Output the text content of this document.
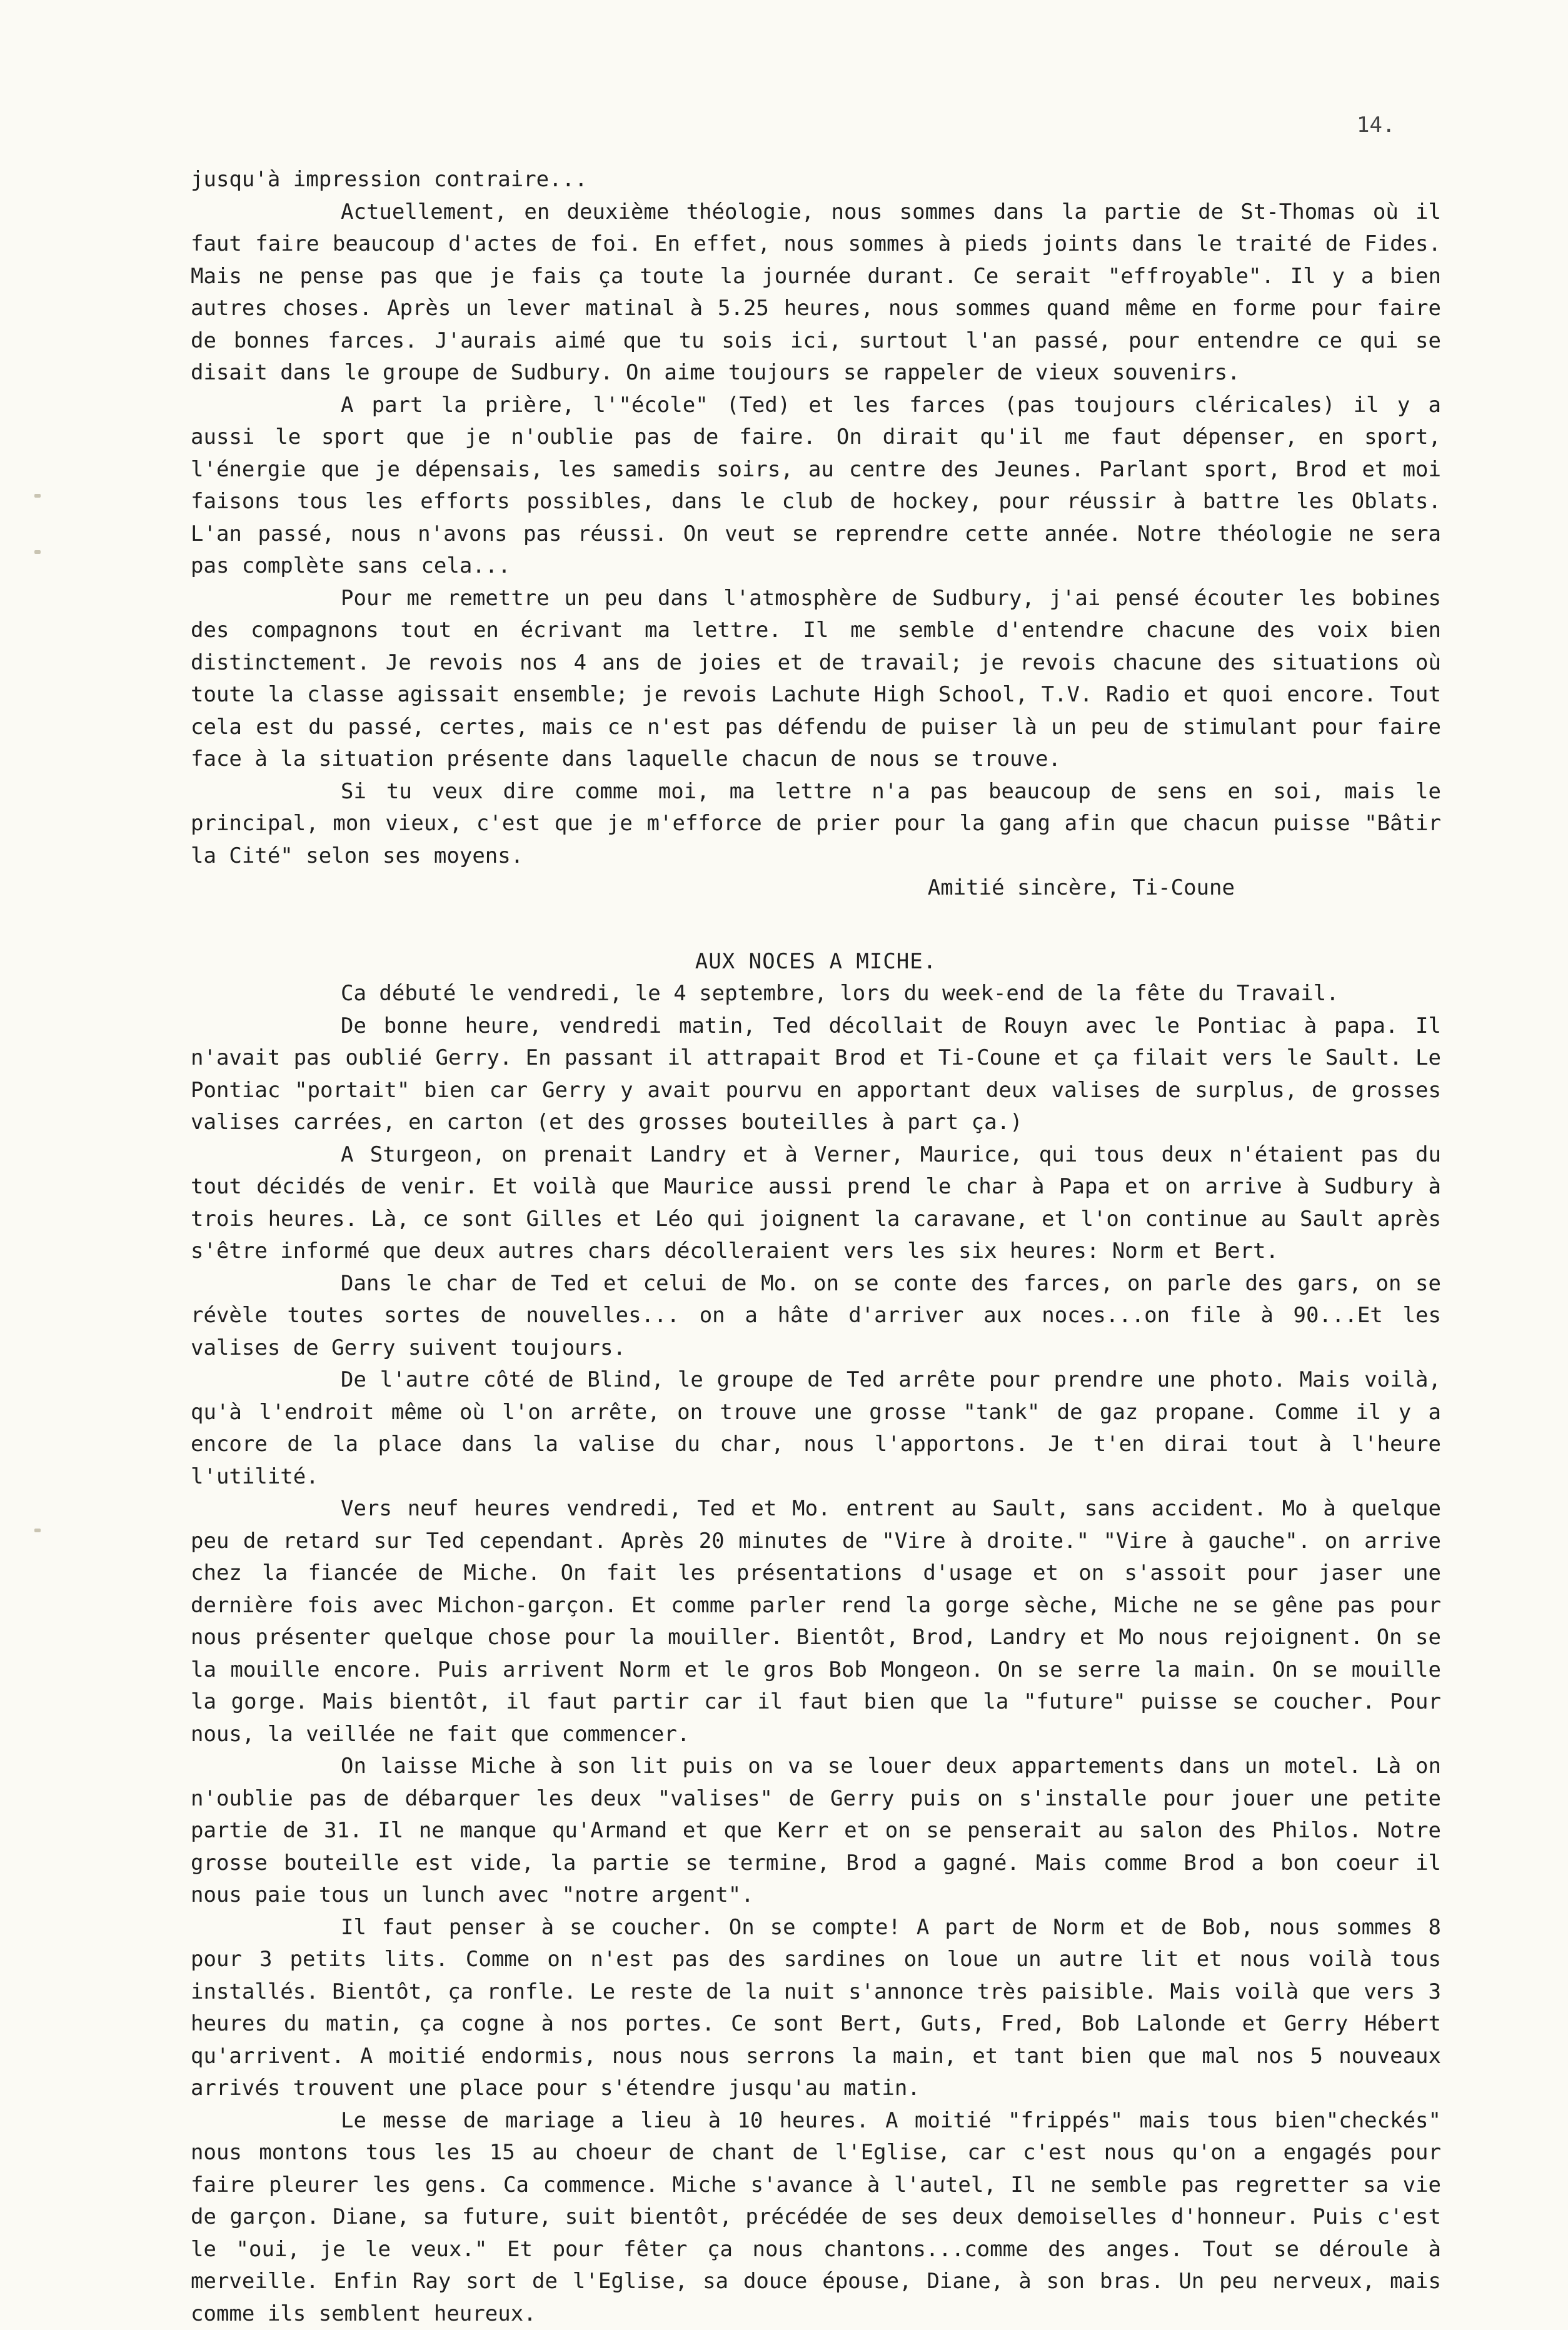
14.

jusqu'à impression contraire...

Actuellement, en deuxième théologie, nous sommes dans la partie de St-Thomas où il faut faire beaucoup d'actes de foi. En effet, nous sommes à pieds joints dans le traité de Fides. Mais ne pense pas que je fais ça toute la journée durant. Ce serait "effroyable". Il y a bien autres choses. Après un lever matinal à 5.25 heures, nous sommes quand même en forme pour faire de bonnes farces. J'aurais aimé que tu sois ici, surtout l'an passé, pour entendre ce qui se disait dans le groupe de Sudbury. On aime toujours se rappeler de vieux souvenirs.

A part la prière, l'"école" (Ted) et les farces (pas toujours cléricales) il y a aussi le sport que je n'oublie pas de faire. On dirait qu'il me faut dépenser, en sport, l'énergie que je dépensais, les samedis soirs, au centre des Jeunes. Parlant sport, Brod et moi faisons tous les efforts possibles, dans le club de hockey, pour réussir à battre les Oblats. L'an passé, nous n'avons pas réussi. On veut se reprendre cette année. Notre théologie ne sera pas complète sans cela...

Pour me remettre un peu dans l'atmosphère de Sudbury, j'ai pensé écouter les bobines des compagnons tout en écrivant ma lettre. Il me semble d'entendre chacune des voix bien distinctement. Je revois nos 4 ans de joies et de travail; je revois chacune des situations où toute la classe agissait ensemble; je revois Lachute High School, T.V. Radio et quoi encore. Tout cela est du passé, certes, mais ce n'est pas défendu de puiser là un peu de stimulant pour faire face à la situation présente dans laquelle chacun de nous se trouve.

Si tu veux dire comme moi, ma lettre n'a pas beaucoup de sens en soi, mais le principal, mon vieux, c'est que je m'efforce de prier pour la gang afin que chacun puisse "Bâtir la Cité" selon ses moyens.

Amitié sincère, Ti-Coune
AUX NOCES A MICHE.

Ca débuté le vendredi, le 4 septembre, lors du week-end de la fête du Travail.

De bonne heure, vendredi matin, Ted décollait de Rouyn avec le Pontiac à papa. Il n'avait pas oublié Gerry. En passant il attrapait Brod et Ti-Coune et ça filait vers le Sault. Le Pontiac "portait" bien car Gerry y avait pourvu en apportant deux valises de surplus, de grosses valises carrées, en carton (et des grosses bouteilles à part ça.)

A Sturgeon, on prenait Landry et à Verner, Maurice, qui tous deux n'étaient pas du tout décidés de venir. Et voilà que Maurice aussi prend le char à Papa et on arrive à Sudbury à trois heures. Là, ce sont Gilles et Léo qui joignent la caravane, et l'on continue au Sault après s'être informé que deux autres chars décolleraient vers les six heures: Norm et Bert.

Dans le char de Ted et celui de Mo. on se conte des farces, on parle des gars, on se révèle toutes sortes de nouvelles... on a hâte d'arriver aux noces...on file à 90...Et les valises de Gerry suivent toujours.

De l'autre côté de Blind, le groupe de Ted arrête pour prendre une photo. Mais voilà, qu'à l'endroit même où l'on arrête, on trouve une grosse "tank" de gaz propane. Comme il y a encore de la place dans la valise du char, nous l'apportons. Je t'en dirai tout à l'heure l'utilité.

Vers neuf heures vendredi, Ted et Mo. entrent au Sault, sans accident. Mo à quelque peu de retard sur Ted cependant. Après 20 minutes de "Vire à droite." "Vire à gauche". on arrive chez la fiancée de Miche. On fait les présentations d'usage et on s'assoit pour jaser une dernière fois avec Michon-garçon. Et comme parler rend la gorge sèche, Miche ne se gêne pas pour nous présenter quelque chose pour la mouiller. Bientôt, Brod, Landry et Mo nous rejoignent. On se la mouille encore. Puis arrivent Norm et le gros Bob Mongeon. On se serre la main. On se mouille la gorge. Mais bientôt, il faut partir car il faut bien que la "future" puisse se coucher. Pour nous, la veillée ne fait que commencer.

On laisse Miche à son lit puis on va se louer deux appartements dans un motel. Là on n'oublie pas de débarquer les deux "valises" de Gerry puis on s'installe pour jouer une petite partie de 31. Il ne manque qu'Armand et que Kerr et on se penserait au salon des Philos. Notre grosse bouteille est vide, la partie se termine, Brod a gagné. Mais comme Brod a bon coeur il nous paie tous un lunch avec "notre argent".

Il faut penser à se coucher. On se compte! A part de Norm et de Bob, nous sommes 8 pour 3 petits lits. Comme on n'est pas des sardines on loue un autre lit et nous voilà tous installés. Bientôt, ça ronfle. Le reste de la nuit s'annonce très paisible. Mais voilà que vers 3 heures du matin, ça cogne à nos portes. Ce sont Bert, Guts, Fred, Bob Lalonde et Gerry Hébert qu'arrivent. A moitié endormis, nous nous serrons la main, et tant bien que mal nos 5 nouveaux arrivés trouvent une place pour s'étendre jusqu'au matin.

Le messe de mariage a lieu à 10 heures. A moitié "frippés" mais tous bien"checkés" nous montons tous les 15 au choeur de chant de l'Eglise, car c'est nous qu'on a engagés pour faire pleurer les gens. Ca commence. Miche s'avance à l'autel, Il ne semble pas regretter sa vie de garçon. Diane, sa future, suit bientôt, précédée de ses deux demoiselles d'honneur. Puis c'est le "oui, je le veux." Et pour fêter ça nous chantons...comme des anges. Tout se déroule à merveille. Enfin Ray sort de l'Eglise, sa douce épouse, Diane, à son bras. Un peu nerveux, mais comme ils semblent heureux.
